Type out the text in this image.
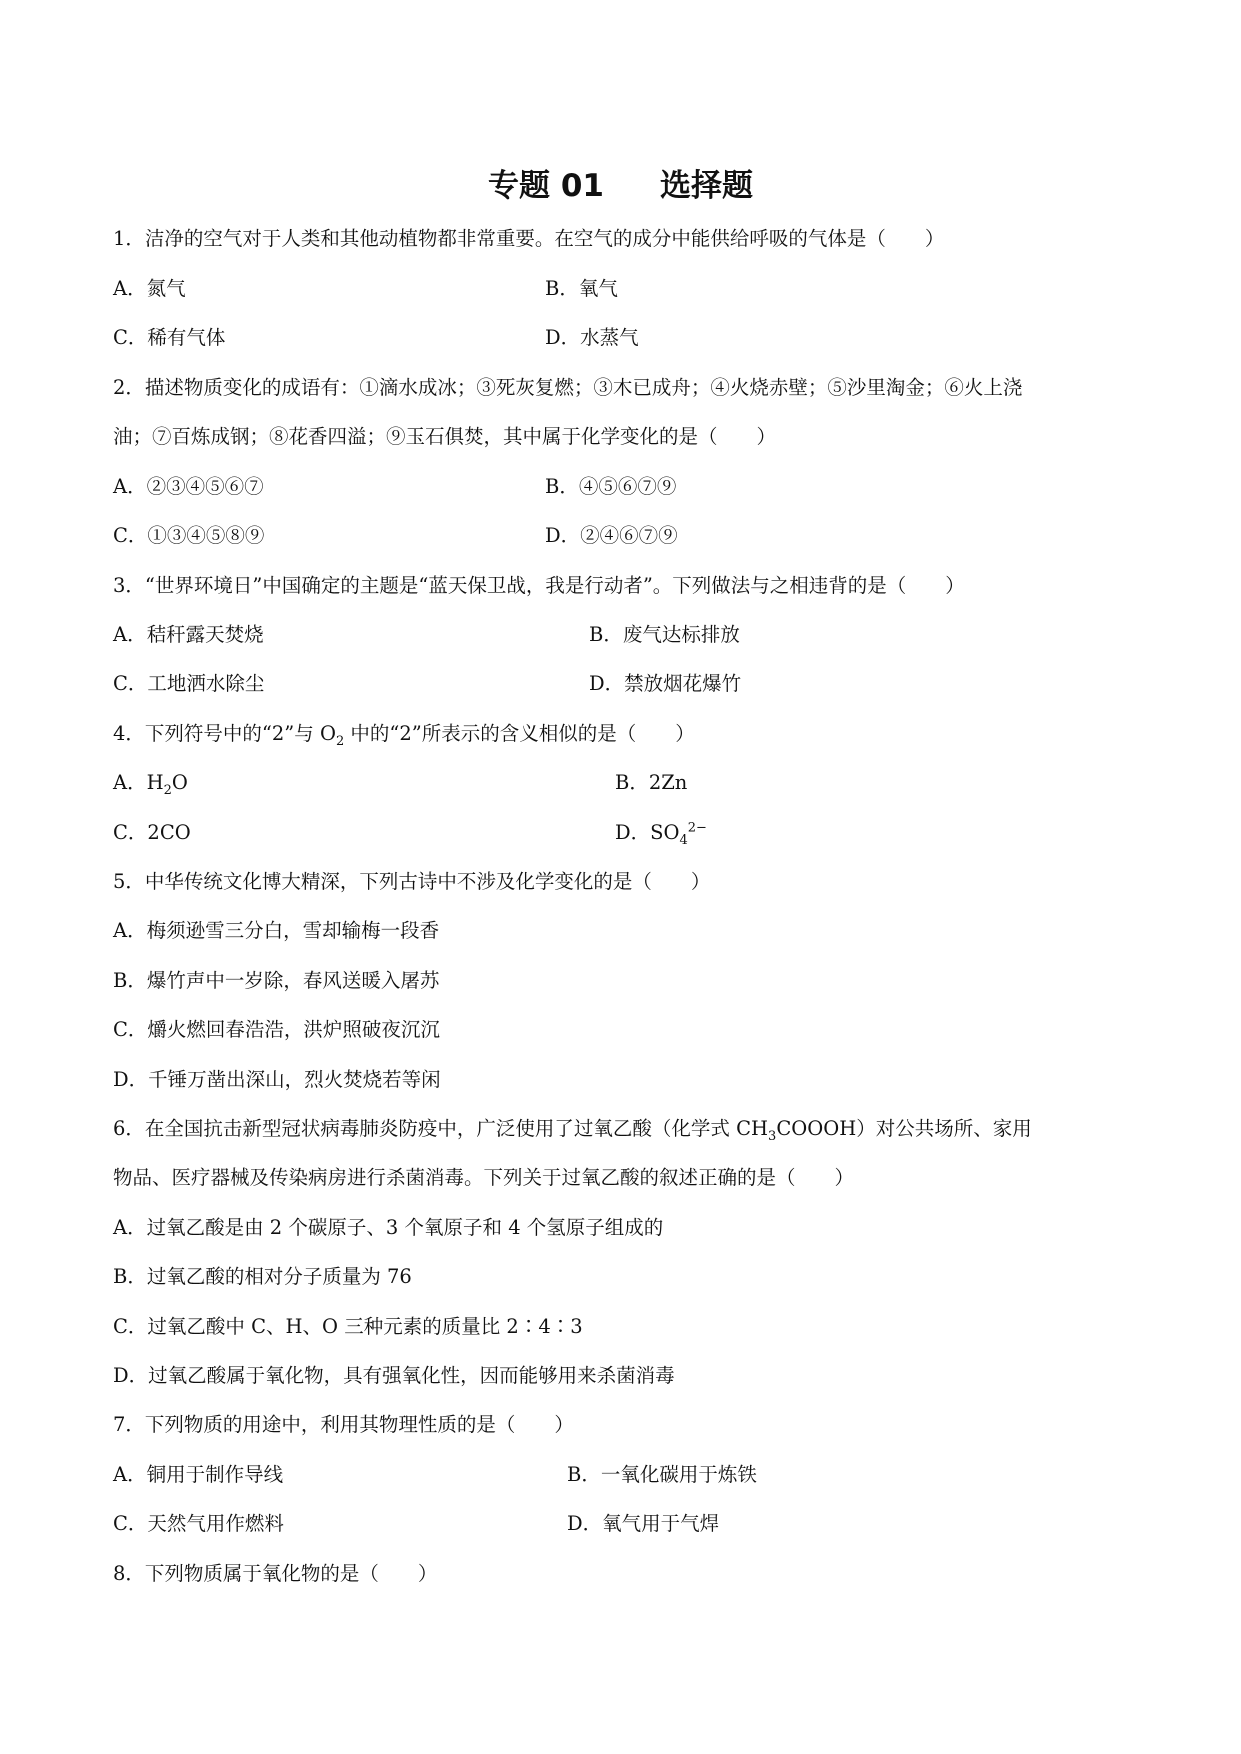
专题 01 选择题
1．洁净的空气对于人类和其他动植物都非常重要。在空气的成分中能供给呼吸的气体是（　　）
A．氮气	B．氧气
C．稀有气体	D．水蒸气
2．描述物质变化的成语有：①滴水成冰；③死灰复燃；③木已成舟；④火烧赤壁；⑤沙里淘金；⑥火上浇
油；⑦百炼成钢；⑧花香四溢；⑨玉石俱焚，其中属于化学变化的是（　　）
A．②③④⑤⑥⑦	B．④⑤⑥⑦⑨
C．①③④⑤⑧⑨	D．②④⑥⑦⑨
3．“世界环境日”中国确定的主题是“蓝天保卫战，我是行动者”。下列做法与之相违背的是（　　）
A．秸秆露天焚烧	B．废气达标排放
C．工地洒水除尘	D．禁放烟花爆竹
4．下列符号中的“2”与 $O_2$ 中的“2”所表示的含义相似的是（　　）
A．$H_2O$	B．2Zn
C．2CO	D．$SO_4^{2-}$
5．中华传统文化博大精深，下列古诗中不涉及化学变化的是（　　）
A．梅须逊雪三分白，雪却输梅一段香
B．爆竹声中一岁除，春风送暖入屠苏
C．爝火燃回春浩浩，洪炉照破夜沉沉
D．千锤万凿出深山，烈火焚烧若等闲
6．在全国抗击新型冠状病毒肺炎防疫中，广泛使用了过氧乙酸（化学式 $CH_3COOOH$）对公共场所、家用
物品、医疗器械及传染病房进行杀菌消毒。下列关于过氧乙酸的叙述正确的是（　　）
A．过氧乙酸是由 2 个碳原子、3 个氧原子和 4 个氢原子组成的
B．过氧乙酸的相对分子质量为 76
C．过氧乙酸中 C、H、O 三种元素的质量比 2∶4∶3
D．过氧乙酸属于氧化物，具有强氧化性，因而能够用来杀菌消毒
7．下列物质的用途中，利用其物理性质的是（　　）
A．铜用于制作导线	B．一氧化碳用于炼铁
C．天然气用作燃料	D．氧气用于气焊
8．下列物质属于氧化物的是（　　）
